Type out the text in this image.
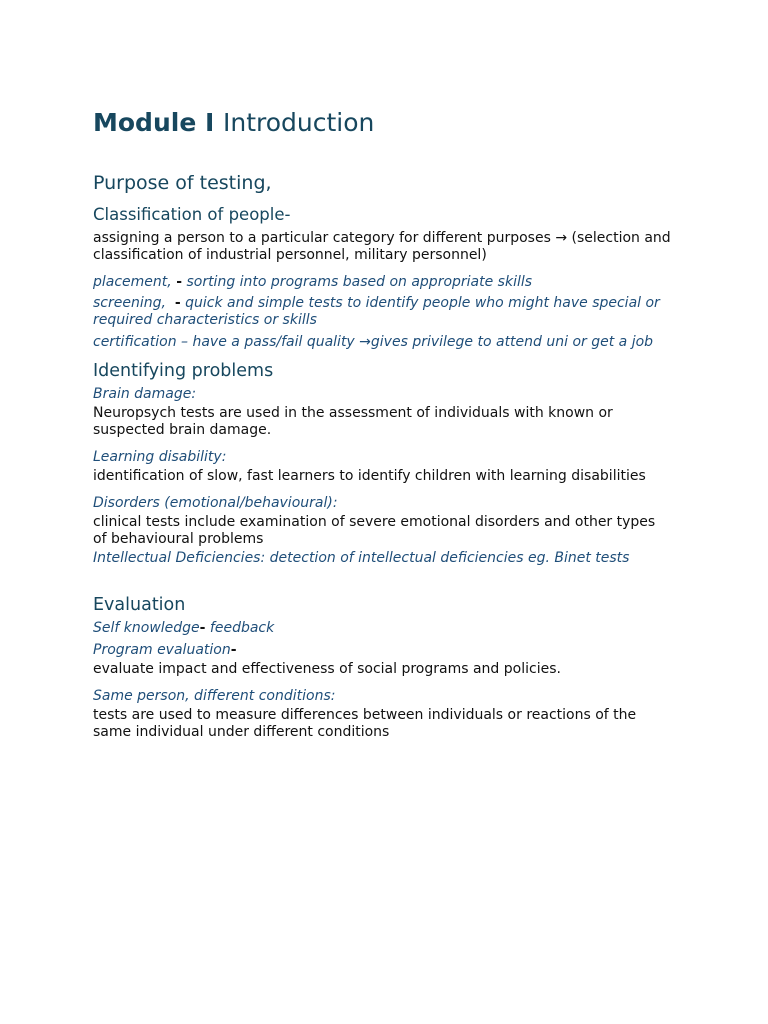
Module I Introduction
Purpose of testing,
Classification of people-

assigning a person to a particular category for different purposes → (selection and classification of industrial personnel, military personnel)

placement, - sorting into programs based on appropriate skills

screening, - quick and simple tests to identify people who might have special or required characteristics or skills

certification – have a pass/fail quality →gives privilege to attend uni or get a job

Identifying problems

Brain damage:

Neuropsych tests are used in the assessment of individuals with known or suspected brain damage.

Learning disability:

identification of slow, fast learners to identify children with learning disabilities

Disorders (emotional/behavioural):

clinical tests include examination of severe emotional disorders and other types of behavioural problems

Intellectual Deficiencies: detection of intellectual deficiencies eg. Binet tests

Evaluation

Self knowledge- feedback

Program evaluation-

evaluate impact and effectiveness of social programs and policies.

Same person, different conditions:

tests are used to measure differences between individuals or reactions of the same individual under different conditions
